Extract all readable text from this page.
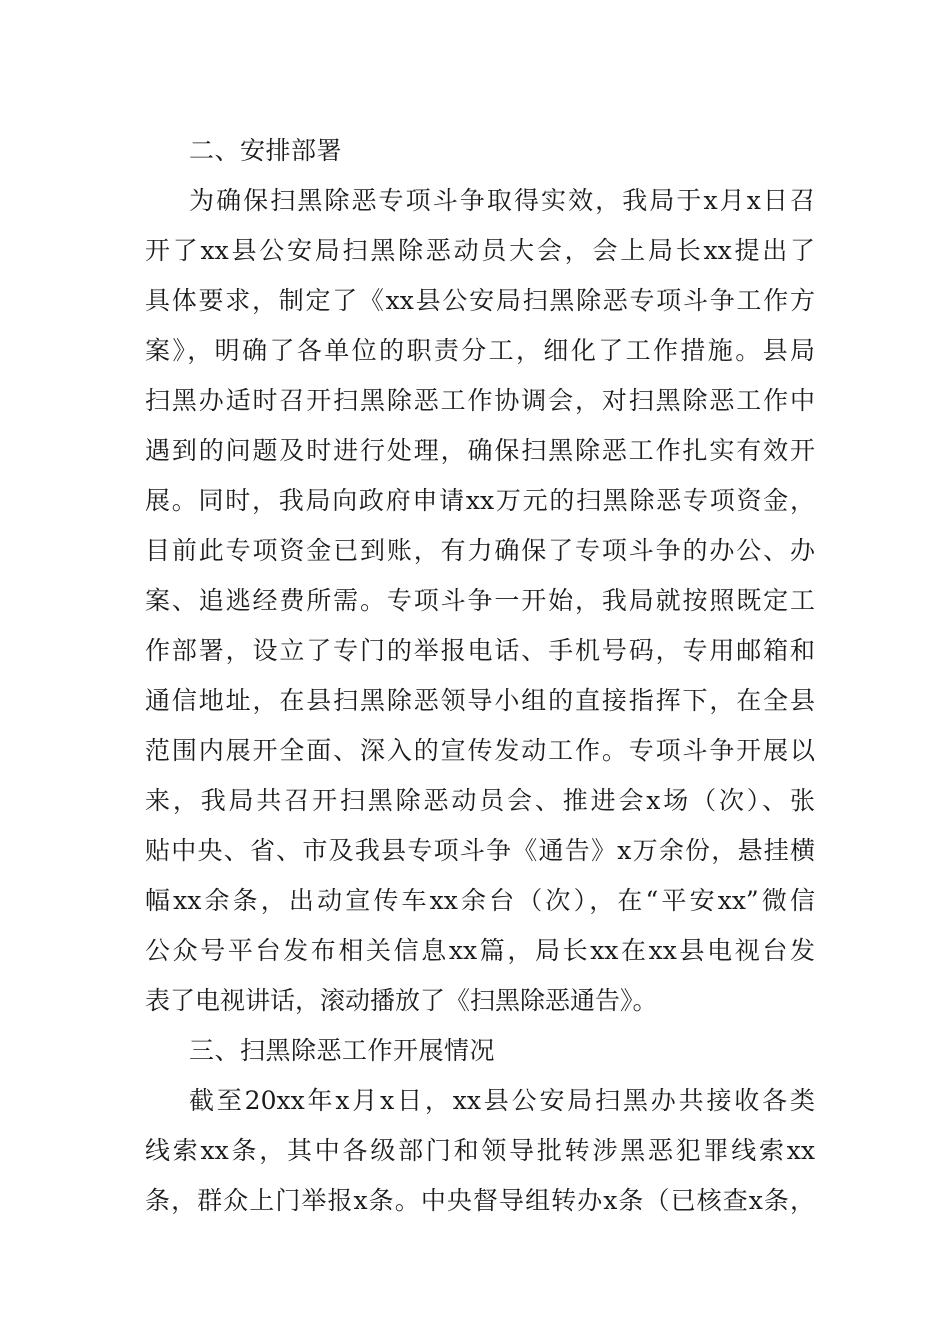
二、安排部署
为确保扫黑除恶专项斗争取得实效，我局于x月x日召
开了xx县公安局扫黑除恶动员大会，会上局长xx提出了
具体要求，制定了《xx县公安局扫黑除恶专项斗争工作方
案》，明确了各单位的职责分工，细化了工作措施。县局
扫黑办适时召开扫黑除恶工作协调会，对扫黑除恶工作中
遇到的问题及时进行处理，确保扫黑除恶工作扎实有效开
展。同时，我局向政府申请xx万元的扫黑除恶专项资金，
目前此专项资金已到账，有力确保了专项斗争的办公、办
案、追逃经费所需。专项斗争一开始，我局就按照既定工
作部署，设立了专门的举报电话、手机号码，专用邮箱和
通信地址，在县扫黑除恶领导小组的直接指挥下，在全县
范围内展开全面、深入的宣传发动工作。专项斗争开展以
来，我局共召开扫黑除恶动员会、推进会x场（次）、张
贴中央、省、市及我县专项斗争《通告》x万余份，悬挂横
幅xx余条，出动宣传车xx余台（次），在“平安xx”微信
公众号平台发布相关信息xx篇，局长xx在xx县电视台发
表了电视讲话，滚动播放了《扫黑除恶通告》。
三、扫黑除恶工作开展情况
截至20xx年x月x日，xx县公安局扫黑办共接收各类
线索xx条，其中各级部门和领导批转涉黑恶犯罪线索xx
条，群众上门举报x条。中央督导组转办x条（已核查x条，
